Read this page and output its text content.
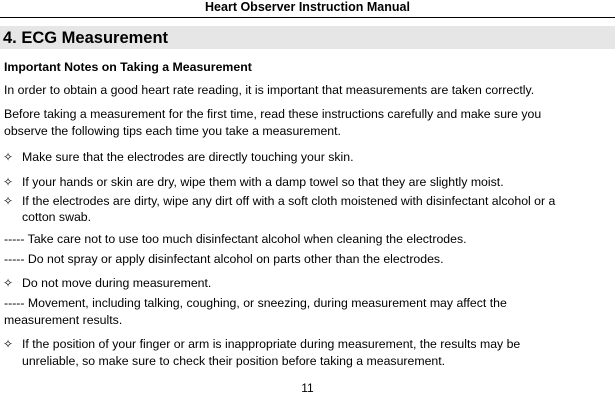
Heart Observer Instruction Manual
4. ECG Measurement
Important Notes on Taking a Measurement
In order to obtain a good heart rate reading, it is important that measurements are taken correctly.
Before taking a measurement for the first time, read these instructions carefully and make sure you
observe the following tips each time you take a measurement.
✧ Make sure that the electrodes are directly touching your skin.
✧ If your hands or skin are dry, wipe them with a damp towel so that they are slightly moist.
✧ If the electrodes are dirty, wipe any dirt off with a soft cloth moistened with disinfectant alcohol or a
cotton swab.
----- Take care not to use too much disinfectant alcohol when cleaning the electrodes.
----- Do not spray or apply disinfectant alcohol on parts other than the electrodes.
✧ Do not move during measurement.
----- Movement, including talking, coughing, or sneezing, during measurement may affect the
measurement results.
✧ If the position of your finger or arm is inappropriate during measurement, the results may be
unreliable, so make sure to check their position before taking a measurement.
11
